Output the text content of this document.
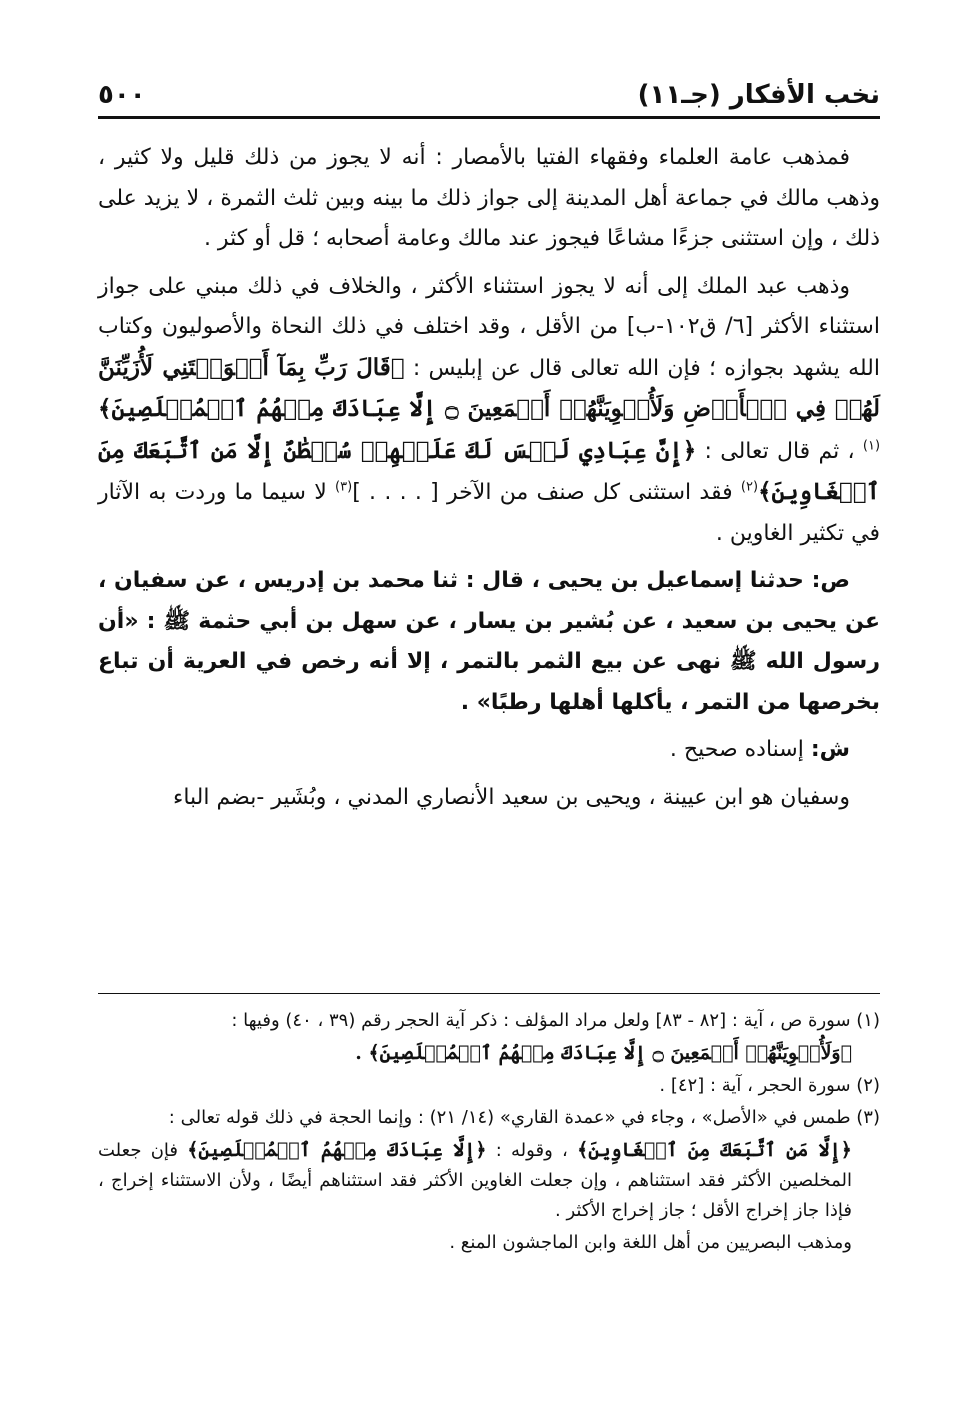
نخب الأفكار (جـ١١)
٥٠٠

فمذهب عامة العلماء وفقهاء الفتيا بالأمصار : أنه لا يجوز من ذلك قليل ولا كثير ، وذهب مالك في جماعة أهل المدينة إلى جواز ذلك ما بينه وبين ثلث الثمرة ، لا يزيد على ذلك ، وإن استثنى جزءًا مشاعًا فيجوز عند مالك وعامة أصحابه ؛ قل أو كثر .

وذهب عبد الملك إلى أنه لا يجوز استثناء الأكثر ، والخلاف في ذلك مبني على جواز استثناء الأكثر [٦/ ق١٠٢-ب] من الأقل ، وقد اختلف في ذلك النحاة والأصوليون وكتاب الله يشهد بجوازه ؛ فإن الله تعالى قال عن إبليس : ﴿قَالَ رَبِّ بِمَآ أَغۡوَيۡتَنِي لَأُزَيِّنَنَّ لَهُمۡ فِي ٱلۡأَرۡضِ وَلَأُغۡوِيَنَّهُمۡ أَجۡمَعِينَ ۝ إِلَّا عِبَادَكَ مِنۡهُمُ ٱلۡمُخۡلَصِينَ﴾$^{(١)}$ ، ثم قال تعالى : ﴿إِنَّ عِبَادِي لَيۡسَ لَكَ عَلَيۡهِمۡ سُلۡطَٰنٌ إِلَّا مَنِ ٱتَّبَعَكَ مِنَ ٱلۡغَاوِينَ﴾$^{(٢)}$ فقد استثنى كل صنف من الآخر [ . . . . ]$^{(٣)}$ لا سيما ما وردت به الآثار في تكثير الغاوين .

ص: حدثنا إسماعيل بن يحيى ، قال : ثنا محمد بن إدريس ، عن سفيان ، عن يحيى بن سعيد ، عن بُشير بن يسار ، عن سهل بن أبي حثمة ﷺ : «أن رسول الله ﷺ نهى عن بيع الثمر بالتمر ، إلا أنه رخص في العرية أن تباع بخرصها من التمر ، يأكلها أهلها رطبًا» .

ش: إسناده صحيح .

وسفيان هو ابن عيينة ، ويحيى بن سعيد الأنصاري المدني ، وبُشَير -بضم الباء

(١) سورة ص ، آية : [٨٢ - ٨٣] ولعل مراد المؤلف : ذكر آية الحجر رقم (٣٩ ، ٤٠) وفيها :

﴿وَلَأُغۡوِيَنَّهُمۡ أَجۡمَعِينَ ۝ إِلَّا عِبَادَكَ مِنۡهُمُ ٱلۡمُخۡلَصِينَ﴾ .

(٢) سورة الحجر ، آية : [٤٢] .

(٣) طمس في «الأصل» ، وجاء في «عمدة القاري» (١٤/ ٢١) : وإنما الحجة في ذلك قوله تعالى :

﴿إِلَّا مَنِ ٱتَّبَعَكَ مِنَ ٱلۡغَاوِينَ﴾ ، وقوله : ﴿إِلَّا عِبَادَكَ مِنۡهُمُ ٱلۡمُخۡلَصِينَ﴾ فإن جعلت المخلصين الأكثر فقد استثناهم ، وإن جعلت الغاوين الأكثر فقد استثناهم أيضًا ، ولأن الاستثناء إخراج ، فإذا جاز إخراج الأقل ؛ جاز إخراج الأكثر .

ومذهب البصريين من أهل اللغة وابن الماجشون المنع .
